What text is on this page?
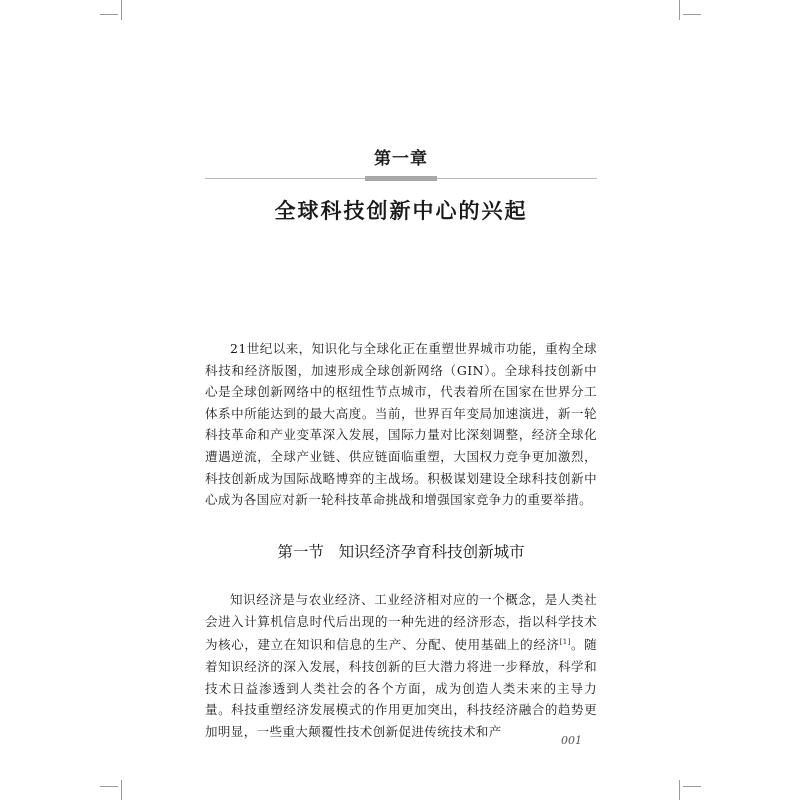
第一章
全球科技创新中心的兴起

21世纪以来，知识化与全球化正在重塑世界城市功能，重构全球科技和经济版图，加速形成全球创新网络（GIN）。全球科技创新中心是全球创新网络中的枢纽性节点城市，代表着所在国家在世界分工体系中所能达到的最大高度。当前，世界百年变局加速演进，新一轮科技革命和产业变革深入发展，国际力量对比深刻调整，经济全球化遭遇逆流，全球产业链、供应链面临重塑，大国权力竞争更加激烈，科技创新成为国际战略博弈的主战场。积极谋划建设全球科技创新中心成为各国应对新一轮科技革命挑战和增强国家竞争力的重要举措。

第一节   知识经济孕育科技创新城市

知识经济是与农业经济、工业经济相对应的一个概念，是人类社会进入计算机信息时代后出现的一种先进的经济形态，指以科学技术为核心，建立在知识和信息的生产、分配、使用基础上的经济[1]。随着知识经济的深入发展，科技创新的巨大潜力将进一步释放，科学和技术日益渗透到人类社会的各个方面，成为创造人类未来的主导力量。科技重塑经济发展模式的作用更加突出，科技经济融合的趋势更加明显，一些重大颠覆性技术创新促进传统技术和产

001
